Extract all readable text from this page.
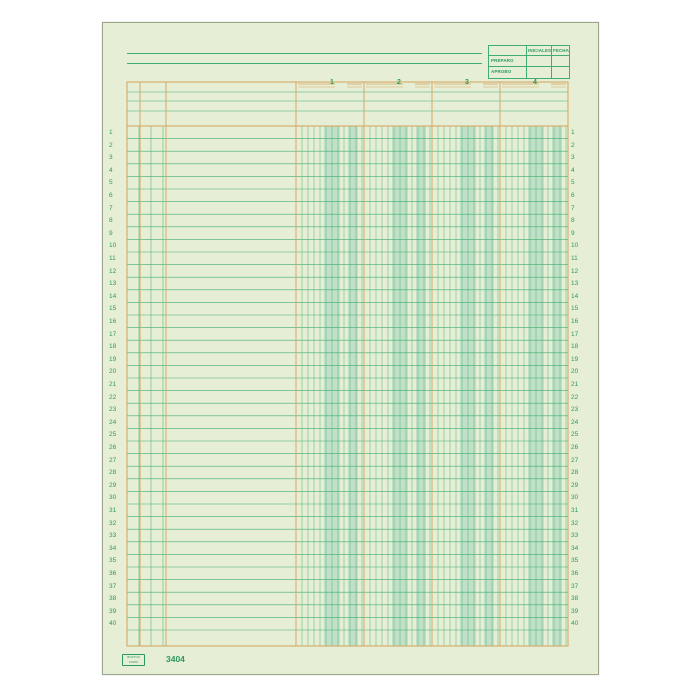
INICIALES FECHA
PREPARO
APROBO
1	2	3	4
1	1
2	2
3	3
4	4
5	5
6	6
7	7
8	8
9	9
10	10
11	11
12	12
13	13
14	14
15	15
16	16
17	17
18	18
19	19
20	20
21	21
22	22
23	23
24	24
25	25
26	26
27	27
28	28
29	29
30	30
31	31
32	32
33	33
34	34
35	35
36	36
37	37
38	38
39	39
40	40
BOSTON FORM	3404
